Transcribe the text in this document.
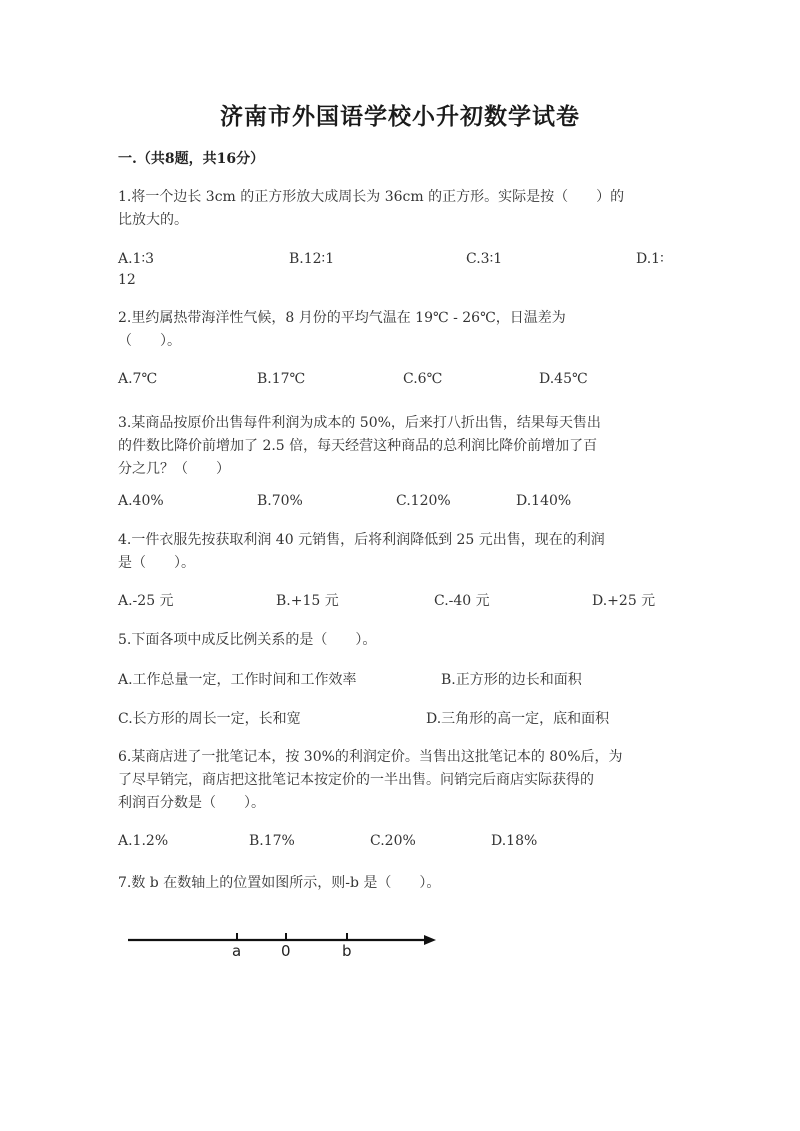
济南市外国语学校小升初数学试卷
一.（共8题，共16分）
1.将一个边长 3cm 的正方形放大成周长为 36cm 的正方形。实际是按（　　）的
比放大的。
A.1∶3	B.12∶1	C.3∶1	D.1∶
12
2.里约属热带海洋性气候，8 月份的平均气温在 19℃ - 26℃，日温差为
（　　）。
A.7℃	B.17℃	C.6℃	D.45℃
3.某商品按原价出售每件利润为成本的 50%，后来打八折出售，结果每天售出
的件数比降价前增加了 2.5 倍，每天经营这种商品的总利润比降价前增加了百
分之几？（　　）
A.40%	B.70%	C.120%	D.140%
4.一件衣服先按获取利润 40 元销售，后将利润降低到 25 元出售，现在的利润
是（　　）。
A.-25 元	B.+15 元	C.-40 元	D.+25 元
5.下面各项中成反比例关系的是（　　）。
A.工作总量一定，工作时间和工作效率	B.正方形的边长和面积
C.长方形的周长一定，长和宽	D.三角形的高一定，底和面积
6.某商店进了一批笔记本，按 30%的利润定价。当售出这批笔记本的 80%后，为
了尽早销完，商店把这批笔记本按定价的一半出售。问销完后商店实际获得的
利润百分数是（　　）。
A.1.2%	B.17%	C.20%	D.18%
7.数 b 在数轴上的位置如图所示，则-b 是（　　）。
a	0	b
